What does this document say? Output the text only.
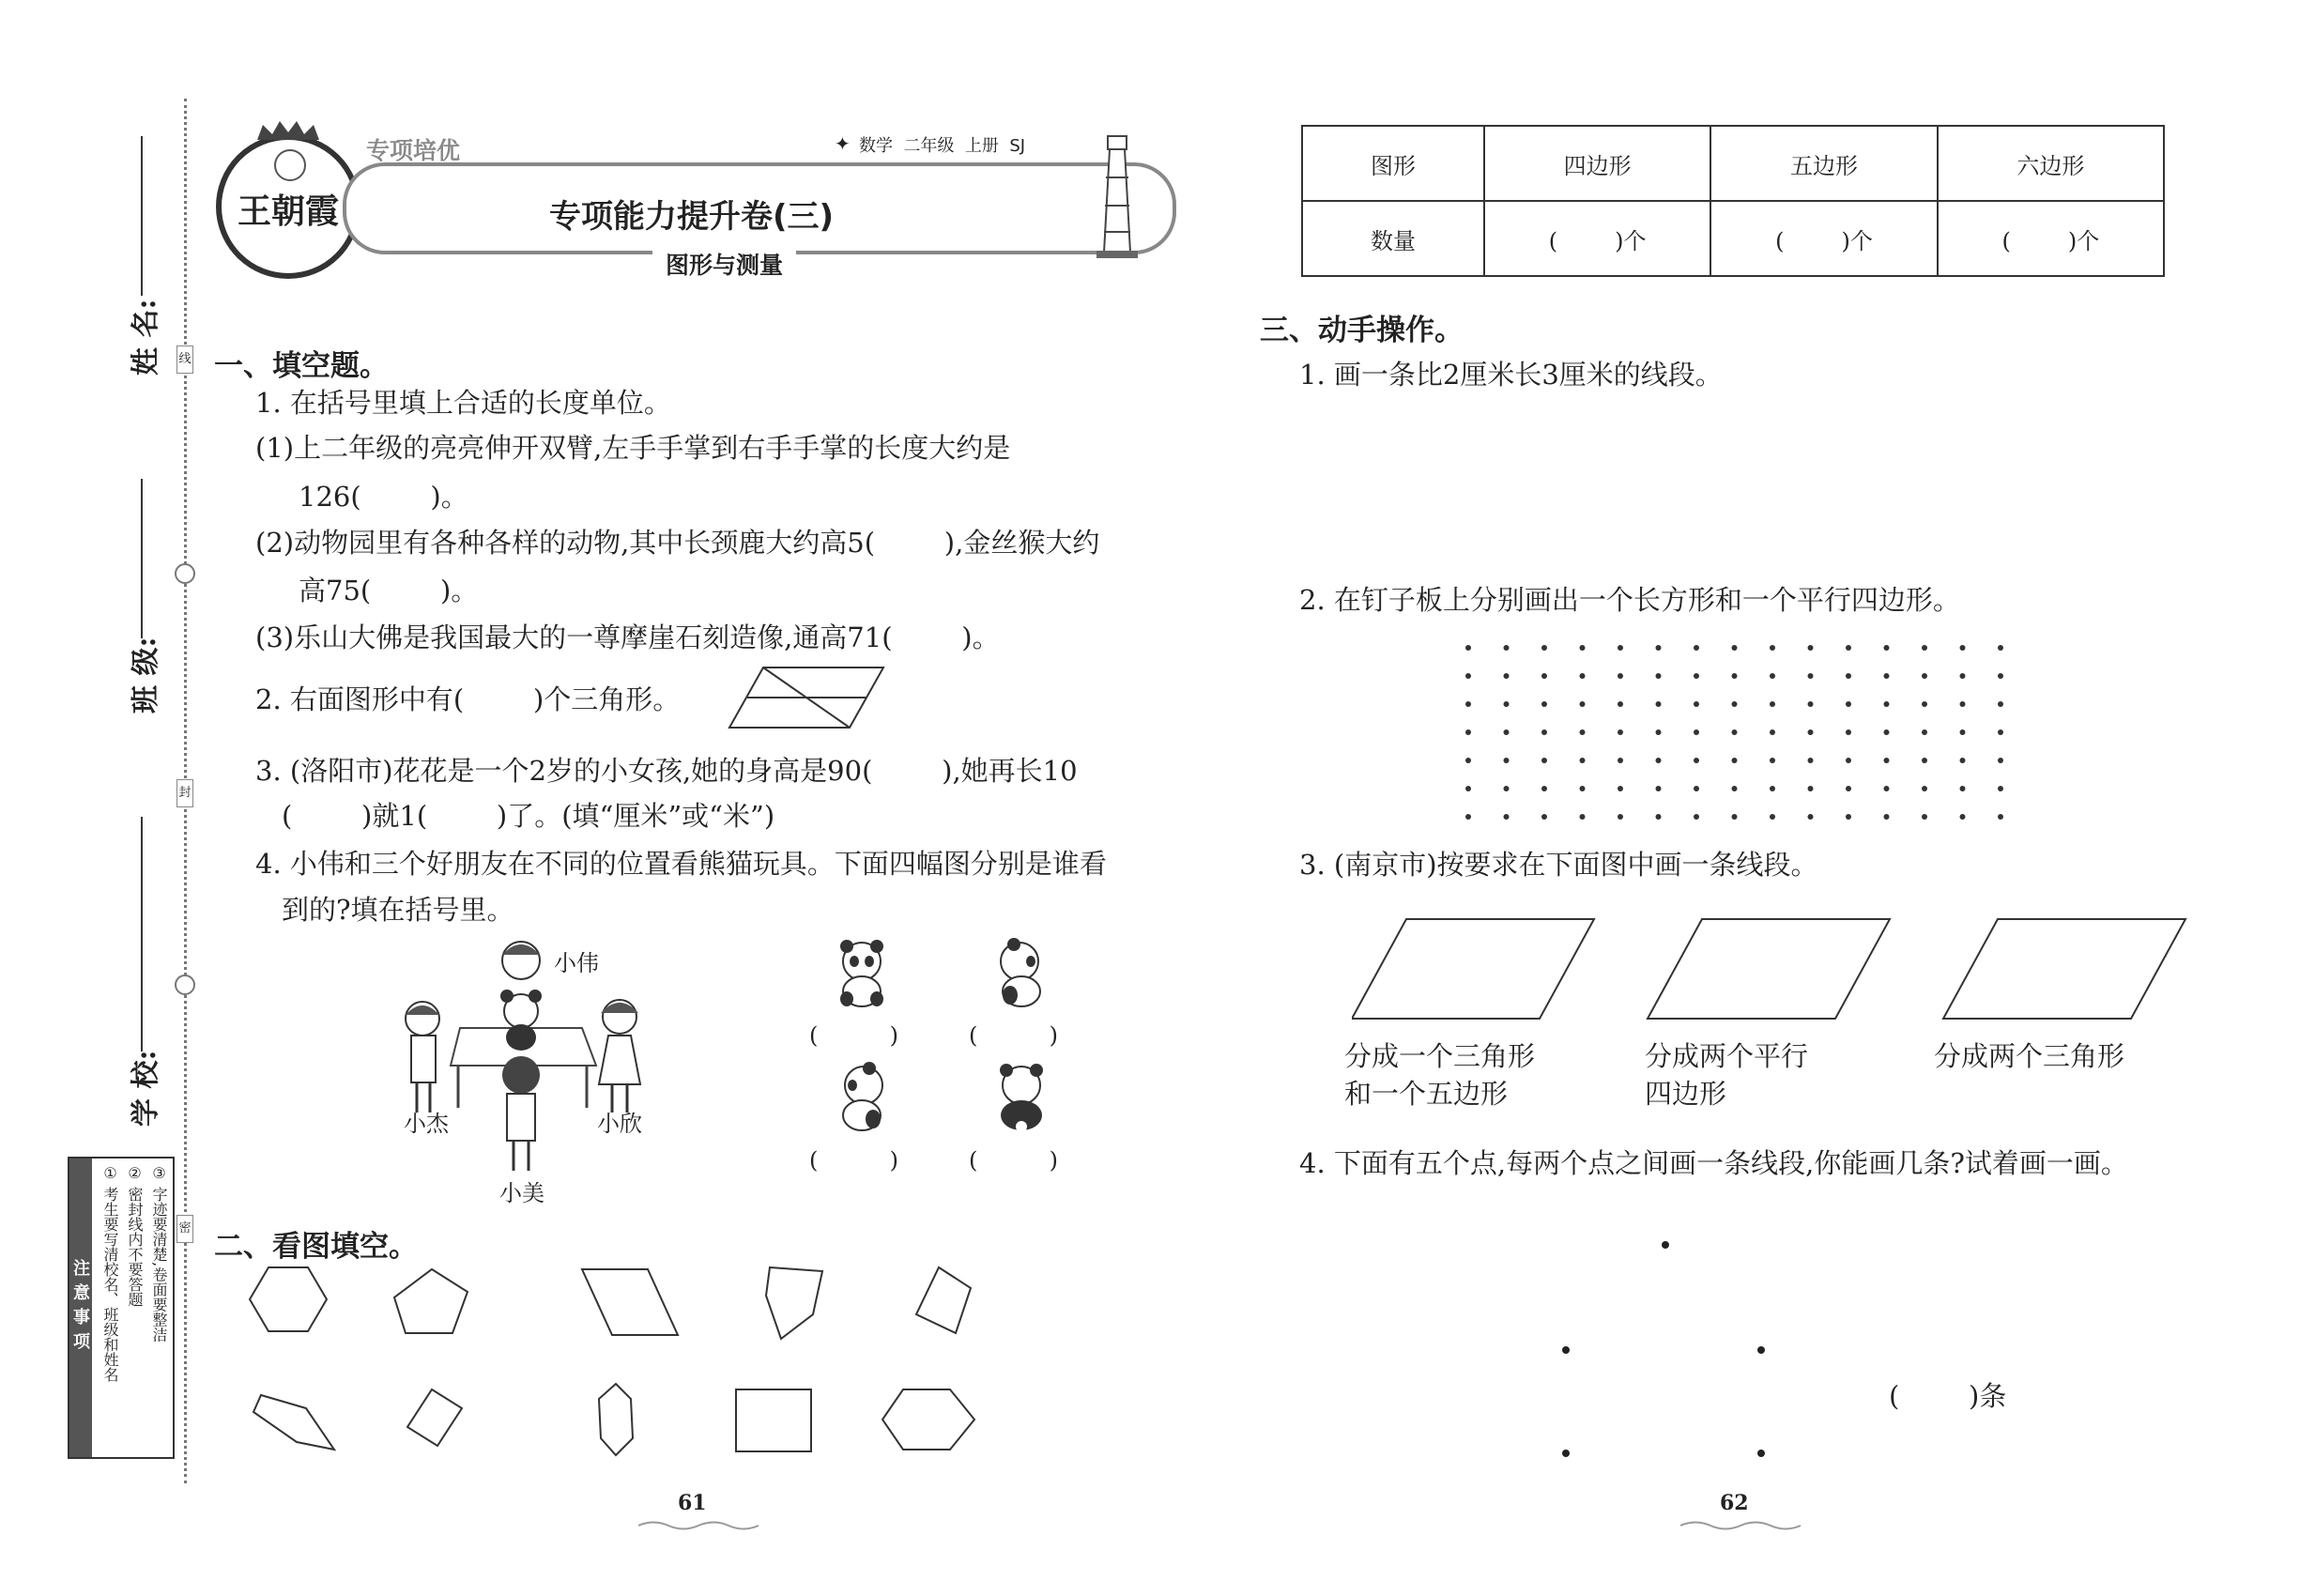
姓 名:
班 级:
学 校:
线
封
密
注意事项 ① 考生要写清校名、班级和姓名 ② 密封线内不要答题 ③ 字迹要清楚,卷面要整洁
王朝霞
专项培优	✦ 数学  二年级  上册  SJ
专项能力提升卷(三)
图形与测量
一、填空题。
1. 在括号里填上合适的长度单位。
(1)上二年级的亮亮伸开双臂,左手手掌到右手手掌的长度大约是
126(        )。
(2)动物园里有各种各样的动物,其中长颈鹿大约高5(        ),金丝猴大约
高75(        )。
(3)乐山大佛是我国最大的一尊摩崖石刻造像,通高71(        )。
2. 右面图形中有(        )个三角形。
3. (洛阳市)花花是一个2岁的小女孩,她的身高是90(        ),她再长10
(        )就1(        )了。(填“厘米”或“米”)
4. 小伟和三个好朋友在不同的位置看熊猫玩具。下面四幅图分别是谁看
到的?填在括号里。
小伟
小杰	小欣
小美
(          )	(          )
(          )	(          )
二、看图填空。
61
图形	四边形	五边形	六边形
数量	(        )个	(        )个	(        )个
三、动手操作。
1. 画一条比2厘米长3厘米的线段。
2. 在钉子板上分别画出一个长方形和一个平行四边形。
3. (南京市)按要求在下面图中画一条线段。
分成一个三角形
和一个五边形
分成两个平行
四边形
分成两个三角形
4. 下面有五个点,每两个点之间画一条线段,你能画几条?试着画一画。
(        )条
62
